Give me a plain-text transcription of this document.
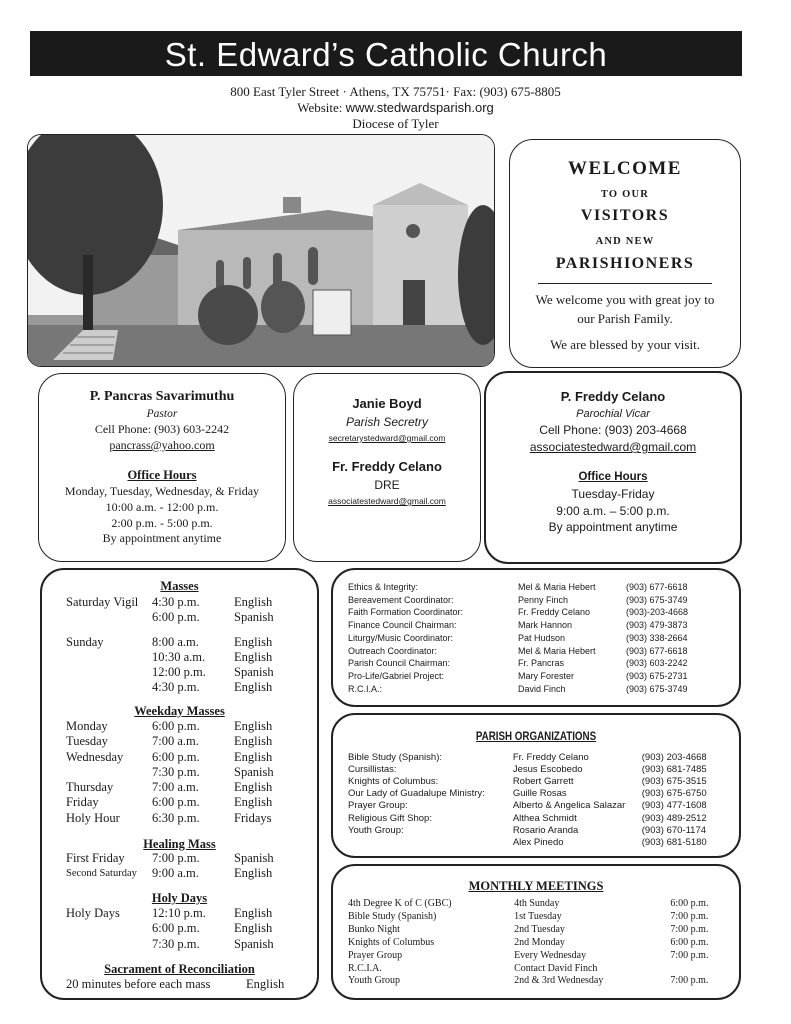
St. Edward’s Catholic Church
800 East Tyler Street · Athens, TX 75751· Fax: (903) 675-8805
Website: www.stedwardsparish.org
Diocese of Tyler
WELCOME
TO OUR
VISITORS
AND NEW
PARISHIONERS
We welcome you with great joy to our Parish Family.
We are blessed by your visit.
P. Pancras Savarimuthu
Pastor
Cell Phone: (903) 603-2242
pancrass@yahoo.com
Office Hours
Monday, Tuesday, Wednesday, & Friday
10:00 a.m. - 12:00 p.m.
2:00 p.m. - 5:00 p.m.
By appointment anytime
Janie Boyd
Parish Secretry
secretarystedward@gmail.com
Fr. Freddy Celano
DRE
associatestedward@gmail.com
P. Freddy Celano
Parochial Vicar
Cell Phone: (903) 203-4668
associatestedward@gmail.com
Office Hours
Tuesday-Friday
9:00 a.m. – 5:00 p.m.
By appointment anytime
Masses
Saturday Vigil	4:30 p.m.	English
6:00 p.m.	Spanish
Sunday	8:00 a.m.	English
10:30 a.m.	English
12:00 p.m.	Spanish
4:30 p.m.	English
Weekday Masses
Monday	6:00 p.m.	English
Tuesday	7:00 a.m.	English
Wednesday	6:00 p.m.	English
7:30 p.m.	Spanish
Thursday	7:00 a.m.	English
Friday	6:00 p.m.	English
Holy Hour	6:30 p.m.	Fridays
Healing Mass
First Friday	7:00 p.m.	Spanish
Second Saturday	9:00 a.m.	English
Holy Days
Holy Days	12:10 p.m.	English
6:00 p.m.	English
7:30 p.m.	Spanish
Sacrament of Reconciliation
20 minutes before each mass	English
Ethics & Integrity:	Mel & Maria Hebert	(903) 677-6618
Bereavement Coordinator:	Penny Finch	(903) 675-3749
Faith Formation Coordinator:	Fr. Freddy Celano	(903)-203-4668
Finance Council Chairman:	Mark Hannon	(903) 479-3873
Liturgy/Music Coordinator:	Pat Hudson	(903) 338-2664
Outreach Coordinator:	Mel & Maria Hebert	(903) 677-6618
Parish Council Chairman:	Fr. Pancras	(903) 603-2242
Pro-Life/Gabriel Project:	Mary Forester	(903) 675-2731
R.C.I.A.:	David Finch	(903) 675-3749
PARISH ORGANIZATIONS
Bible Study (Spanish):	Fr. Freddy Celano	(903) 203-4668
Cursillistas:	Jesus Escobedo	(903) 681-7485
Knights of Columbus:	Robert Garrett	(903) 675-3515
Our Lady of Guadalupe Ministry:	Guille Rosas	(903) 675-6750
Prayer Group:	Alberto & Angelica Salazar	(903) 477-1608
Religious Gift Shop:	Althea Schmidt	(903) 489-2512
Youth Group:	Rosario Aranda	(903) 670-1174
Alex Pinedo	(903) 681-5180
MONTHLY MEETINGS
4th Degree K of C (GBC)	4th Sunday	6:00 p.m.
Bible Study (Spanish)	1st Tuesday	7:00 p.m.
Bunko Night	2nd Tuesday	7:00 p.m.
Knights of Columbus	2nd Monday	6:00 p.m.
Prayer Group	Every Wednesday	7:00 p.m.
R.C.I.A.	Contact David Finch
Youth Group	2nd & 3rd Wednesday	7:00 p.m.
